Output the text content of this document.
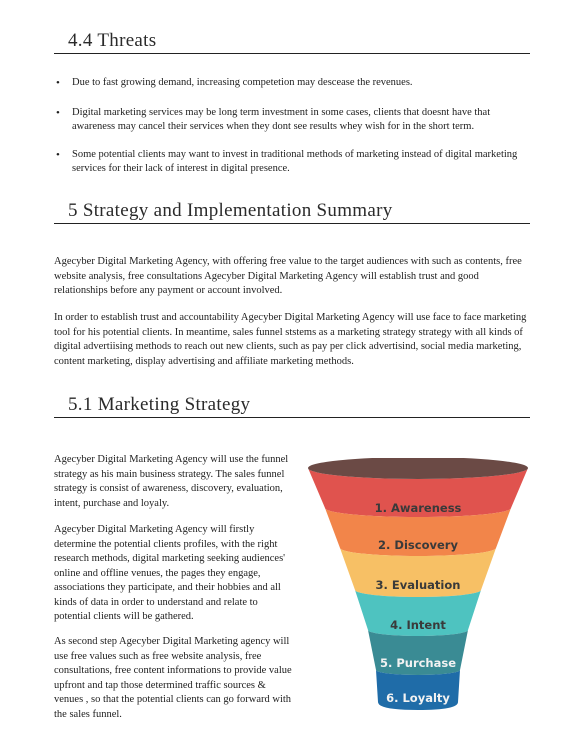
4.4 Threats
• Due to fast growing demand, increasing competetion may descease the revenues.
• Digital marketing services may be long term investment in some cases, clients that doesnt have that awareness may cancel their services when they dont see results whey wish for in the short term.
• Some potential clients may want to invest in traditional methods of marketing instead of digital marketing services for their lack of interest in digital presence.
5 Strategy and Implementation Summary

Agecyber Digital Marketing Agency, with offering free value to the target audiences with such as contents, free website analysis, free consultations Agecyber Digital Marketing Agency will establish trust and good relationships before any payment or account involved.

In order to establish trust and accountability Agecyber Digital Marketing Agency will use face to face marketing tool for his potential clients. In meantime, sales funnel ststems as a marketing strategy strategy with all kinds of digital advertiising methods to reach out new clients, such as pay per click advertisind, social media marketing, content marketing, display advertising and affiliate marketing methods.

5.1 Marketing Strategy

Agecyber Digital Marketing Agency will use the funnel strategy as his main business strategy. The sales funnel strategy is consist of awareness, discovery, evaluation, intent, purchase and loyaly.

Agecyber Digital Marketing Agency will firstly determine the potential clients profiles, with the right research methods, digital marketing seeking audiences' online and offline venues, the pages they engage, associations they participate, and their hobbies and all kinds of data in order to understand and relate to potential clients will be gathered.

As second step Agecyber Digital Marketing agency will use free values such as free website analysis, free consultations, free content informations to provide value upfront and tap those determined traffic sources & venues , so that the potential clients can go forward with the sales funnel.

1. Awareness
2. Discovery
3. Evaluation
4. Intent
5. Purchase
6. Loyalty
